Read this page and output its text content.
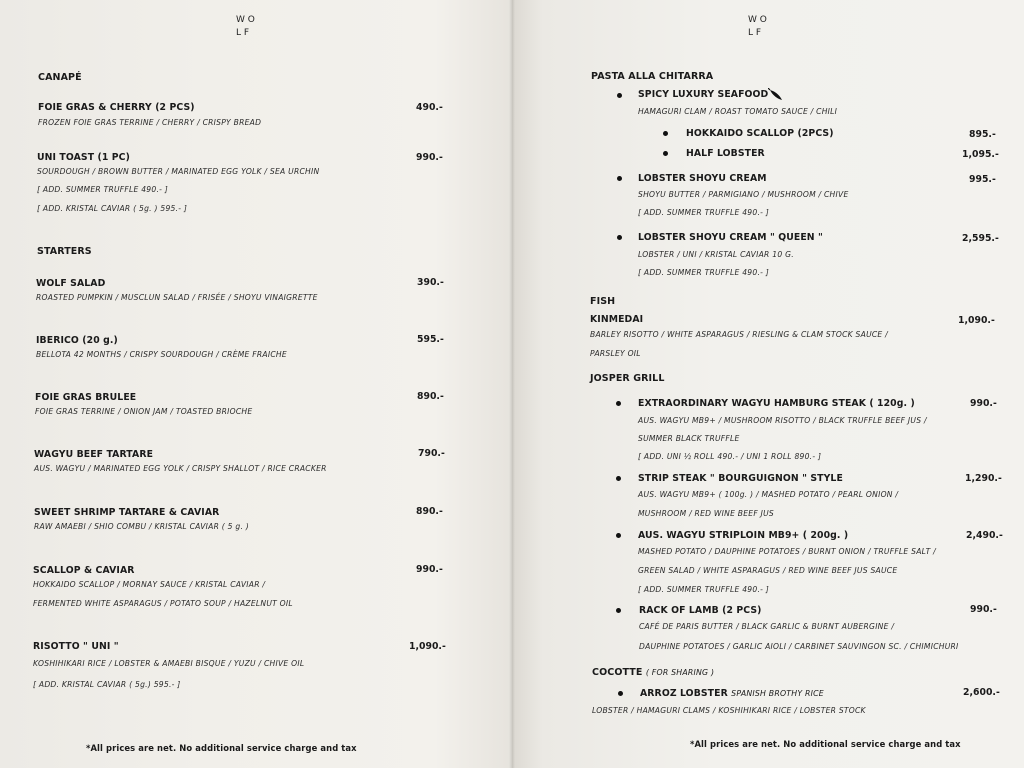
W O
L F
CANAPÉ
FOIE GRAS & CHERRY (2 PCS)	490.-
FROZEN FOIE GRAS TERRINE / CHERRY / CRISPY BREAD
UNI TOAST (1 PC)	990.-
SOURDOUGH / BROWN BUTTER / MARINATED EGG YOLK / SEA URCHIN
[ ADD. SUMMER TRUFFLE 490.- ]
[ ADD. KRISTAL CAVIAR ( 5g. ) 595.- ]
STARTERS
WOLF SALAD	390.-
ROASTED PUMPKIN / MUSCLUN SALAD / FRISÉE / SHOYU VINAIGRETTE
IBERICO (20 g.)	595.-
BELLOTA 42 MONTHS / CRISPY SOURDOUGH / CRÈME FRAICHE
FOIE GRAS BRULEE	890.-
FOIE GRAS TERRINE / ONION JAM / TOASTED BRIOCHE
WAGYU BEEF TARTARE	790.-
AUS. WAGYU / MARINATED EGG YOLK / CRISPY SHALLOT / RICE CRACKER
SWEET SHRIMP TARTARE & CAVIAR	890.-
RAW AMAEBI / SHIO COMBU / KRISTAL CAVIAR ( 5 g. )
SCALLOP & CAVIAR	990.-
HOKKAIDO SCALLOP / MORNAY SAUCE / KRISTAL CAVIAR /
FERMENTED WHITE ASPARAGUS / POTATO SOUP / HAZELNUT OIL
RISOTTO " UNI "	1,090.-
KOSHIHIKARI RICE / LOBSTER & AMAEBI BISQUE / YUZU / CHIVE OIL
[ ADD. KRISTAL CAVIAR ( 5g.) 595.- ]
*All prices are net. No additional service charge and tax
W O
L F
PASTA ALLA CHITARRA
SPICY LUXURY SEAFOOD
HAMAGURI CLAM / ROAST TOMATO SAUCE / CHILI
HOKKAIDO SCALLOP (2PCS)	895.-
HALF LOBSTER	1,095.-
LOBSTER SHOYU CREAM	995.-
SHOYU BUTTER / PARMIGIANO / MUSHROOM / CHIVE
[ ADD. SUMMER TRUFFLE 490.- ]
LOBSTER SHOYU CREAM " QUEEN "	2,595.-
LOBSTER / UNI / KRISTAL CAVIAR 10 G.
[ ADD. SUMMER TRUFFLE 490.- ]
FISH
KINMEDAI	1,090.-
BARLEY RISOTTO / WHITE ASPARAGUS / RIESLING & CLAM STOCK SAUCE /
PARSLEY OIL
JOSPER GRILL
EXTRAORDINARY WAGYU HAMBURG STEAK ( 120g. )	990.-
AUS. WAGYU MB9+ / MUSHROOM RISOTTO / BLACK TRUFFLE BEEF JUS /
SUMMER BLACK TRUFFLE
[ ADD. UNI ½ ROLL 490.- / UNI 1 ROLL 890.- ]
STRIP STEAK " BOURGUIGNON " STYLE	1,290.-
AUS. WAGYU MB9+ ( 100g. ) / MASHED POTATO / PEARL ONION /
MUSHROOM / RED WINE BEEF JUS
AUS. WAGYU STRIPLOIN MB9+ ( 200g. )	2,490.-
MASHED POTATO / DAUPHINE POTATOES / BURNT ONION / TRUFFLE SALT /
GREEN SALAD / WHITE ASPARAGUS / RED WINE BEEF JUS SAUCE
[ ADD. SUMMER TRUFFLE 490.- ]
RACK OF LAMB (2 PCS)	990.-
CAFÉ DE PARIS BUTTER / BLACK GARLIC & BURNT AUBERGINE /
DAUPHINE POTATOES / GARLIC AIOLI / CARBINET SAUVINGON SC. / CHIMICHURI
COCOTTE ( FOR SHARING )
ARROZ LOBSTER SPANISH BROTHY RICE	2,600.-
LOBSTER / HAMAGURI CLAMS / KOSHIHIKARI RICE / LOBSTER STOCK
*All prices are net. No additional service charge and tax
